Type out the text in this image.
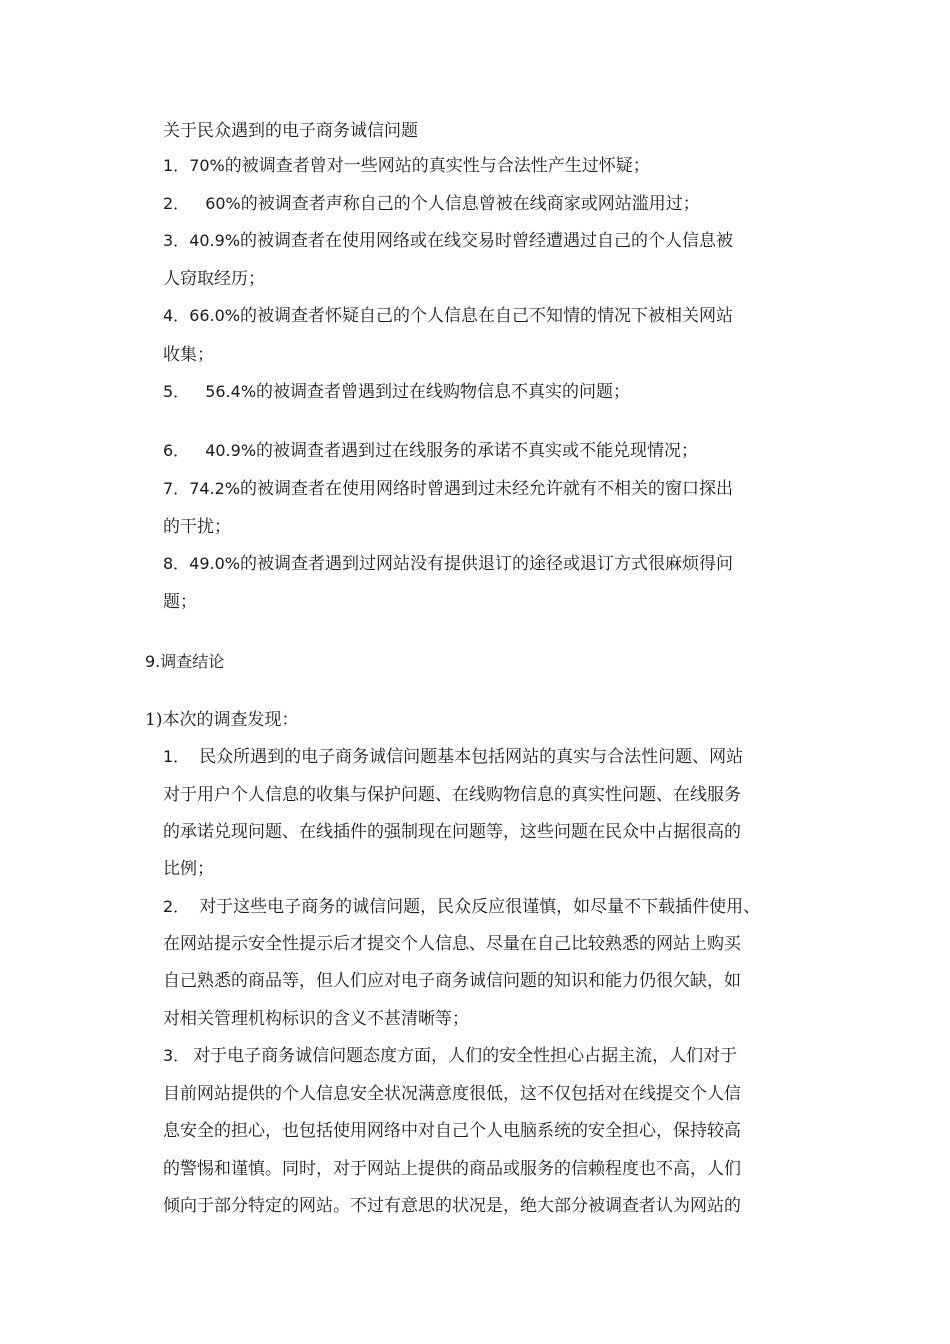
关于民众遇到的电子商务诚信问题
1．70%的被调查者曾对一些网站的真实性与合法性产生过怀疑；
2． 60%的被调查者声称自己的个人信息曾被在线商家或网站滥用过；
3．40.9%的被调查者在使用网络或在线交易时曾经遭遇过自己的个人信息被
人窃取经历；
4．66.0%的被调查者怀疑自己的个人信息在自己不知情的情况下被相关网站
收集；
5． 56.4%的被调查者曾遇到过在线购物信息不真实的问题；
6． 40.9%的被调查者遇到过在线服务的承诺不真实或不能兑现情况；
7．74.2%的被调查者在使用网络时曾遇到过未经允许就有不相关的窗口探出
的干扰；
8．49.0%的被调查者遇到过网站没有提供退订的途径或退订方式很麻烦得问
题；
9.调查结论
1)本次的调查发现：
1． 民众所遇到的电子商务诚信问题基本包括网站的真实与合法性问题、网站
对于用户个人信息的收集与保护问题、在线购物信息的真实性问题、在线服务
的承诺兑现问题、在线插件的强制现在问题等，这些问题在民众中占据很高的
比例；
2． 对于这些电子商务的诚信问题，民众反应很谨慎，如尽量不下载插件使用、
在网站提示安全性提示后才提交个人信息、尽量在自己比较熟悉的网站上购买
自己熟悉的商品等，但人们应对电子商务诚信问题的知识和能力仍很欠缺，如
对相关管理机构标识的含义不甚清晰等；
3． 对于电子商务诚信问题态度方面，人们的安全性担心占据主流，人们对于
目前网站提供的个人信息安全状况满意度很低，这不仅包括对在线提交个人信
息安全的担心，也包括使用网络中对自己个人电脑系统的安全担心，保持较高
的警惕和谨慎。同时，对于网站上提供的商品或服务的信赖程度也不高，人们
倾向于部分特定的网站。不过有意思的状况是，绝大部分被调查者认为网站的
